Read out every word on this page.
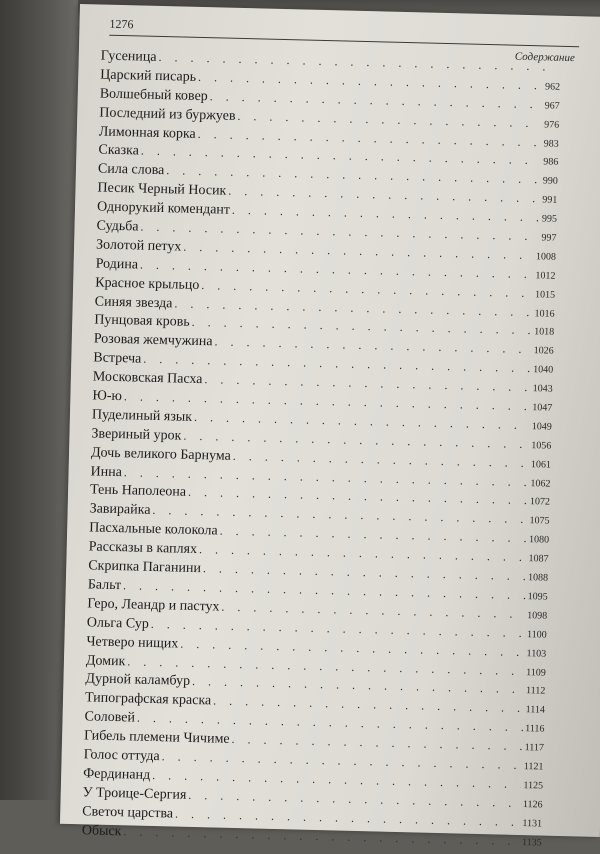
1276
Содержание
Гусеница
. . .
Царский писарь
. . .
962
Волшебный ковер
. . .
967
Последний из буржуев
. . .
976
Лимонная корка
. . .
983
Сказка
. . .
986
Сила слова
. . .
990
Песик Черный Носик
. . .
991
Однорукий комендант
. . .
995
Судьба
. . .
997
Золотой петух
. . .
1008
Родина
. . .
1012
Красное крыльцо
. . .
1015
Синяя звезда
. . .
1016
Пунцовая кровь
. . .
1018
Розовая жемчужина
. . .
1026
Встреча
. . .
1040
Московская Пасха
. . .
1043
Ю-ю
. . .
1047
Пуделиный язык
. . .
1049
Звериный урок
. . .
1056
Дочь великого Барнума
. . .
1061
Инна
. . .
1062
Тень Наполеона
. . .
1072
Завирайка
. . .
1075
Пасхальные колокола
. . .
1080
Рассказы в каплях
. . .
1087
Скрипка Паганини
. . .
1088
Бальт
. . .
1095
Геро, Леандр и пастух
. . .
1098
Ольга Сур
. . .
1100
Четверо нищих
. . .
1103
Домик
. . .
1109
Дурной каламбур
. . .
1112
Типографская краска
. . .
1114
Соловей
. . .
1116
Гибель племени Чичиме
. . .
1117
Голос оттуда
. . .
1121
Фердинанд
. . .
1125
У Троице-Сергия
. . .
1126
Светоч царства
. . .
1131
Обыск
. . .
1135
